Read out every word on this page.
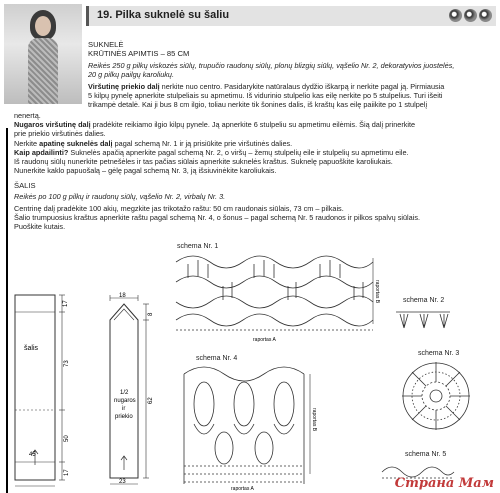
19. Pilka suknelė su šaliu
SUKNELĖ
KRŪTINĖS APIMTIS – 85 CM
Reikės 250 g pilkų viskozės siūlų, trupučio raudonų siūlų, plonų blizgių siūlų, vąšelio Nr. 2, dekoratyvios juostelės,
20 g pilkų pailgų karoliukų.
Viršutinę priekio dalį nerkite nuo centro. Pasidarykite natūralaus dydžio iškarpą ir nerkite pagal ją. Pirmiausia
5 kilpų pynelę apnerkite stulpeliais su apmetimu. Iš vidurinio stulpelio kas eilę nerkite po 5 stulpelius. Turi išeiti
trikampė detalė. Kai ji bus 8 cm ilgio, toliau nerkite tik šonines dalis, iš kraštų kas eilę paiikite po 1 stulpelį
nenertą.
Nugaros viršutinę dalį pradėkite reikiamo ilgio kilpų pynele. Ją apnerkite 6 stulpeliu su apmetimu eilėmis. Šią dalį prinerkite
prie priekio viršutinės dalies.
Nerkite apatinę suknelės dalį pagal schemą Nr. 1 ir ją prisiūkite prie viršutinės dalies.
Kaip apdailinti? Suknelės apačią apnerkite pagal schemą Nr. 2, o viršų – žemų stulpelių eile ir stulpelių su apmetimu eile.
Iš raudonų siūlų nunerkite petnešėles ir tas pačias siūlais apnerkite suknelės kraštus. Suknelę papuoškite karoliukais.
Nunerkite kaklo papuošalą – gėlę pagal schemą Nr. 3, ją išsiuvinėkite karoliukais.
ŠALIS
Reikės po 100 g pilkų ir raudonų siūlų, vąšelio Nr. 2, virbalų Nr. 3.
Centrinę dalį pradėkite 100 akių, megzkite jas trikotažo raštu: 50 cm raudonais siūlais, 73 cm – pilkais.
Šalio trumpuosius kraštus apnerkite raštu pagal schemą Nr. 4, o šonus – pagal schemą Nr. 5 raudonos ir pilkos spalvų siūlais.
Puoškite kutais.
šalis
17
73
50
17
45
18
8
62
1/2
nugaros
ir
priekio
23
schema Nr. 1
raportas B
raportas A
schema Nr. 2
schema Nr. 3
schema Nr. 4
raportas B
raportas A
schema Nr. 5
Страна Мам
